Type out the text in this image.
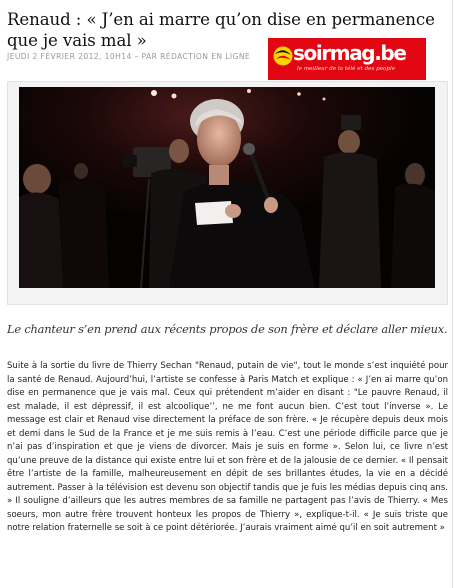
Renaud : « J’en ai marre qu’on dise en permanence que je vais mal »
JEUDI 2 FÉVRIER 2012, 10H14 – PAR RÉDACTION EN LIGNE soirmag.be
le meilleur de la télé et des people

Le chanteur s’en prend aux récents propos de son frère et déclare aller mieux.

Suite à la sortie du livre de Thierry Sechan "Renaud, putain de vie", tout le monde s’est inquiété pour la santé de Renaud. Aujourd’hui, l’artiste se confesse à Paris Match et explique : « J’en ai marre qu’on dise en permanence que je vais mal. Ceux qui prétendent m’aider en disant : "Le pauvre Renaud, il est malade, il est dépressif, il est alcoolique’’, ne me font aucun bien. C’est tout l’inverse ». Le message est clair et Renaud vise directement la préface de son frère. « Je récupère depuis deux mois et demi dans le Sud de la France et je me suis remis à l’eau. C’est une période difficile parce que je n’ai pas d’inspiration et que je viens de divorcer. Mais je suis en forme ». Selon lui, ce livre n’est qu’une preuve de la distance qui existe entre lui et son frère et de la jalousie de ce dernier. « Il pensait être l’artiste de la famille, malheureusement en dépit de ses brillantes études, la vie en a décidé autrement. Passer à la télévision est devenu son objectif tandis que je fuis les médias depuis cinq ans. » Il souligne d’ailleurs que les autres membres de sa famille ne partagent pas l’avis de Thierry. « Mes soeurs, mon autre frère trouvent honteux les propos de Thierry », explique-t-il. « Je suis triste que notre relation fraternelle se soit à ce point détériorée. J’aurais vraiment aimé qu’il en soit autrement »
